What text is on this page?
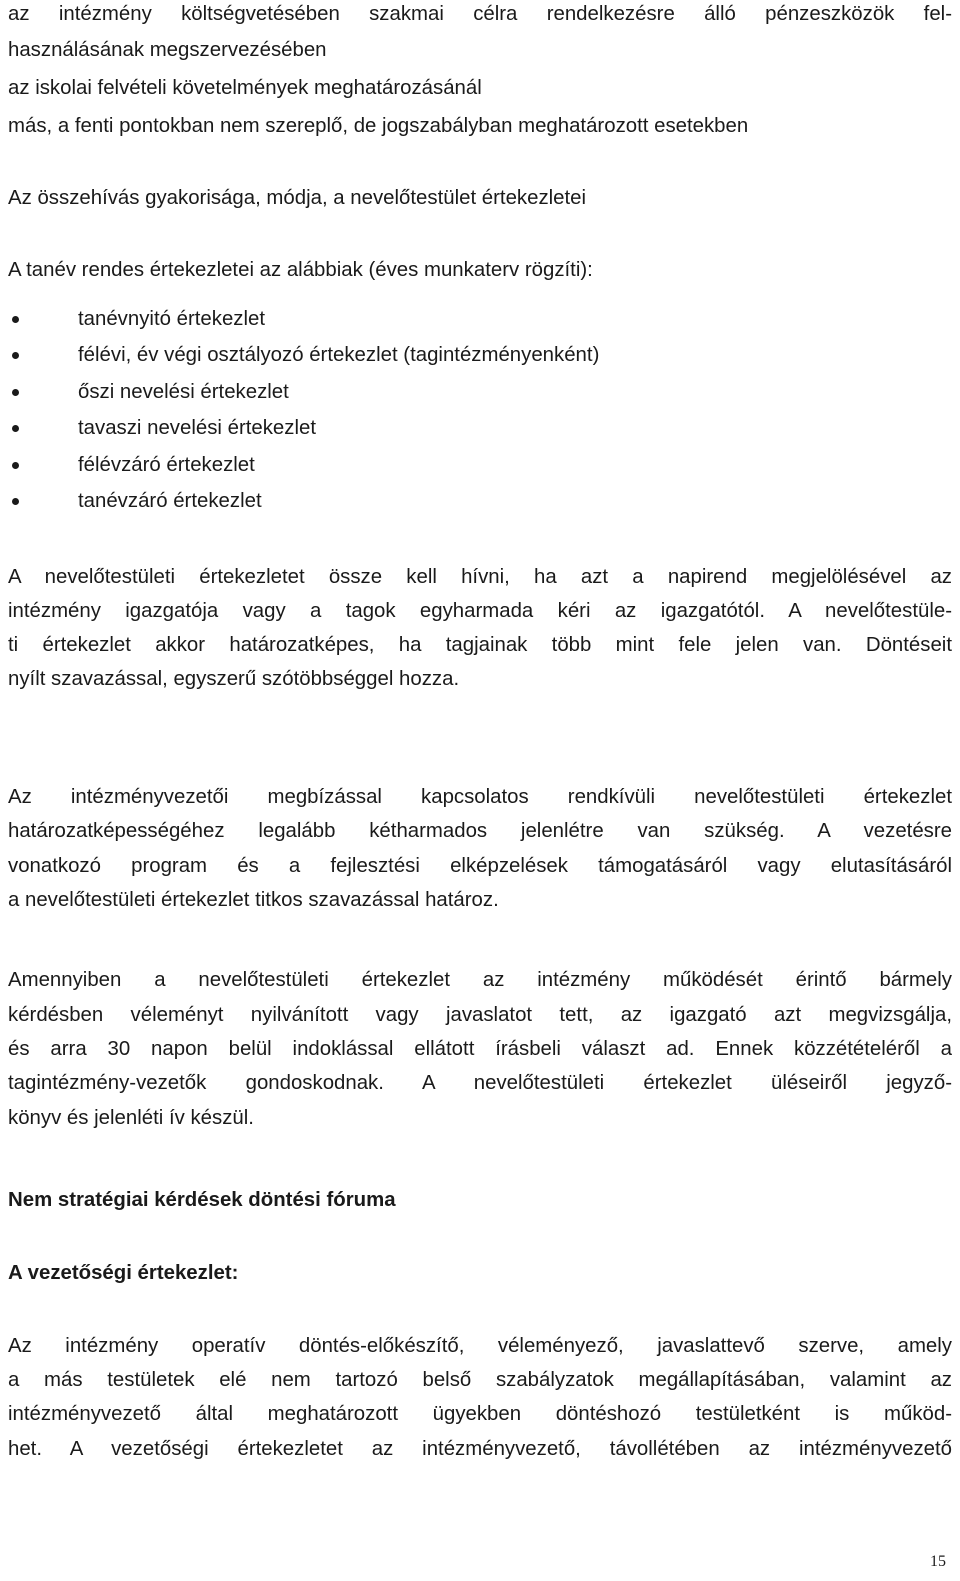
az intézmény költségvetésében szakmai célra rendelkezésre álló pénzeszközök fel-
használásának megszervezésében
az iskolai felvételi követelmények meghatározásánál
más, a fenti pontokban nem szereplő, de jogszabályban meghatározott esetekben
Az összehívás gyakorisága, módja, a nevelőtestület értekezletei
A tanév rendes értekezletei az alábbiak (éves munkaterv rögzíti):
tanévnyitó értekezlet
félévi, év végi osztályozó értekezlet (tagintézményenként)
őszi nevelési értekezlet
tavaszi nevelési értekezlet
félévzáró értekezlet
tanévzáró értekezlet
A nevelőtestületi értekezletet össze kell hívni, ha azt a napirend megjelölésével az
intézmény igazgatója vagy a tagok egyharmada kéri az igazgatótól. A nevelőtestüle-
ti értekezlet akkor határozatképes, ha tagjainak több mint fele jelen van. Döntéseit
nyílt szavazással, egyszerű szótöbbséggel hozza.
Az intézményvezetői megbízással kapcsolatos rendkívüli nevelőtestületi értekezlet
határozatképességéhez legalább kétharmados jelenlétre van szükség. A vezetésre
vonatkozó program és a fejlesztési elképzelések támogatásáról vagy elutasításáról
a nevelőtestületi értekezlet titkos szavazással határoz.
Amennyiben a nevelőtestületi értekezlet az intézmény működését érintő bármely
kérdésben véleményt nyilvánított vagy javaslatot tett, az igazgató azt megvizsgálja,
és arra 30 napon belül indoklással ellátott írásbeli választ ad. Ennek közzétételéről a
tagintézmény-vezetők gondoskodnak. A nevelőtestületi értekezlet üléseiről jegyző-
könyv és jelenléti ív készül.
Nem stratégiai kérdések döntési fóruma
A vezetőségi értekezlet:
Az intézmény operatív döntés-előkészítő, véleményező, javaslattevő szerve, amely
a más testületek elé nem tartozó belső szabályzatok megállapításában, valamint az
intézményvezető által meghatározott ügyekben döntéshozó testületként is működ-
het. A vezetőségi értekezletet az intézményvezető, távollétében az intézményvezető
15
